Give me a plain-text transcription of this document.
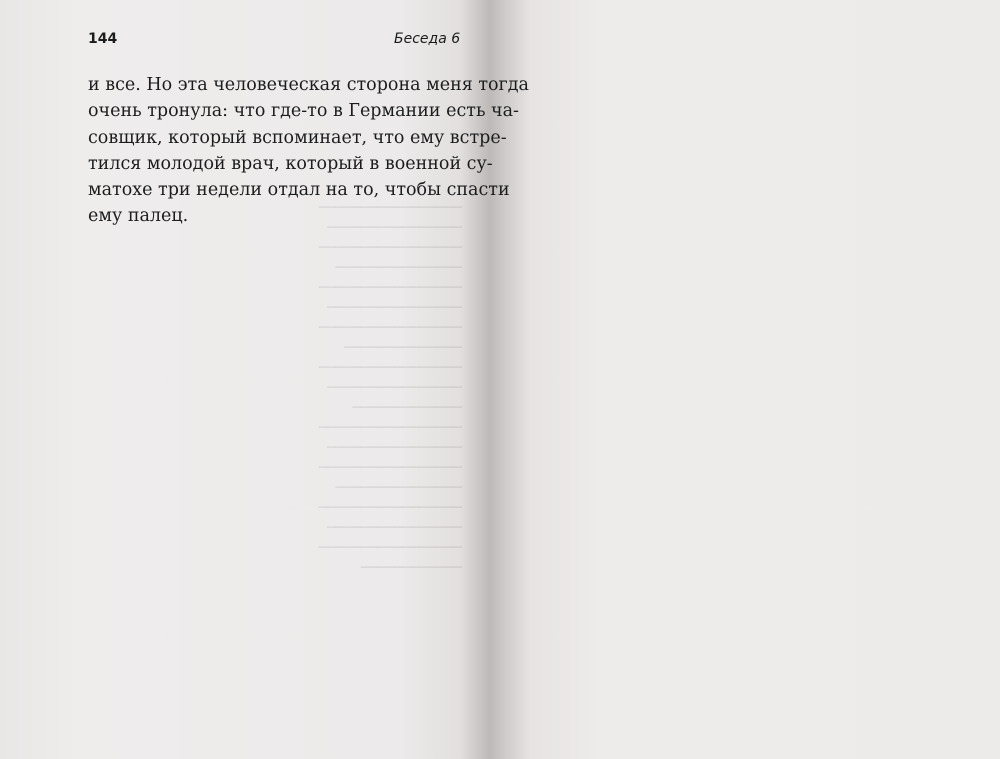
144	Беседа 6
и все. Но эта человеческая сторона меня тогда
очень тронула: что где-то в Германии есть ча-
совщик, который вспоминает, что ему встре-
тился молодой врач, который в военной су-
матохе три недели отдал на то, чтобы спасти
ему палец.	─────────────────
────────────────
─────────────────
───────────────
─────────────────
────────────────
─────────────────
──────────────
─────────────────
────────────────
─────────────
─────────────────
────────────────
─────────────────
───────────────
─────────────────
────────────────
─────────────────
────────────
